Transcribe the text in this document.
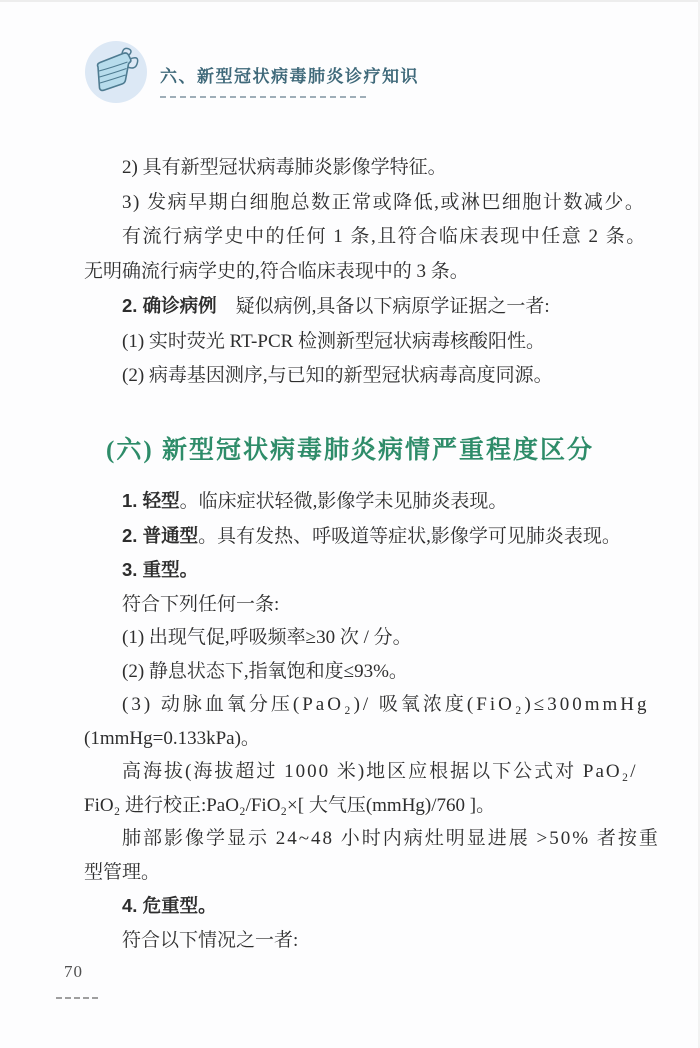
六、新型冠状病毒肺炎诊疗知识
2) 具有新型冠状病毒肺炎影像学特征。
3) 发病早期白细胞总数正常或降低,或淋巴细胞计数减少。
有流行病学史中的任何 1 条,且符合临床表现中任意 2 条。
无明确流行病学史的,符合临床表现中的 3 条。
2. 确诊病例　疑似病例,具备以下病原学证据之一者:
(1) 实时荧光 RT-PCR 检测新型冠状病毒核酸阳性。
(2) 病毒基因测序,与已知的新型冠状病毒高度同源。
(六) 新型冠状病毒肺炎病情严重程度区分
1. 轻型。临床症状轻微,影像学未见肺炎表现。
2. 普通型。具有发热、呼吸道等症状,影像学可见肺炎表现。
3. 重型。
符合下列任何一条:
(1) 出现气促,呼吸频率≥30 次 / 分。
(2) 静息状态下,指氧饱和度≤93%。
(3) 动脉血氧分压(PaO₂)/ 吸氧浓度(FiO₂)≤300mmHg
(1mmHg=0.133kPa)。
高海拔(海拔超过 1000 米)地区应根据以下公式对 PaO₂/
FiO₂ 进行校正:PaO₂/FiO₂×[ 大气压(mmHg)/760 ]。
肺部影像学显示 24~48 小时内病灶明显进展 >50% 者按重
型管理。
4. 危重型。
符合以下情况之一者:
70
